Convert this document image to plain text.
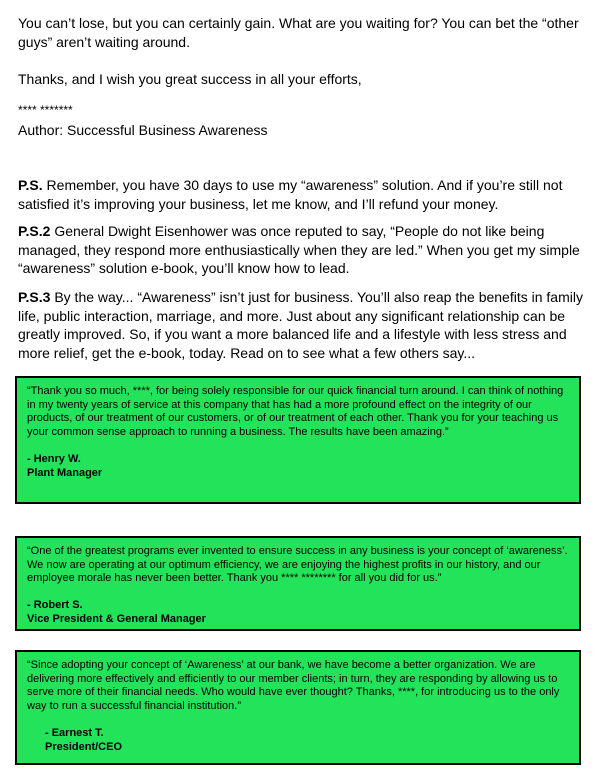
You can’t lose, but you can certainly gain. What are you waiting for? You can bet the “other guys” aren’t waiting around.
Thanks, and I wish you great success in all your efforts,
**** *******
Author: Successful Business Awareness
P.S. Remember, you have 30 days to use my “awareness” solution. And if you’re still not satisfied it’s improving your business, let me know, and I’ll refund your money.
P.S.2 General Dwight Eisenhower was once reputed to say, “People do not like being managed, they respond more enthusiastically when they are led.” When you get my simple “awareness” solution e-book, you’ll know how to lead.
P.S.3 By the way... “Awareness” isn’t just for business. You’ll also reap the benefits in family life, public interaction, marriage, and more. Just about any significant relationship can be greatly improved. So, if you want a more balanced life and a lifestyle with less stress and more relief, get the e-book, today. Read on to see what a few others say...

“Thank you so much, ****, for being solely responsible for our quick financial turn around. I can think of nothing in my twenty years of service at this company that has had a more profound effect on the integrity of our products, of our treatment of our customers, or of our treatment of each other. Thank you for your teaching us your common sense approach to running a business. The results have been amazing.”

- Henry W.
Plant Manager

“One of the greatest programs ever invented to ensure success in any business is your concept of ‘awareness’. We now are operating at our optimum efficiency, we are enjoying the highest profits in our history, and our employee morale has never been better. Thank you **** ******** for all you did for us.”

- Robert S.
Vice President & General Manager

“Since adopting your concept of ‘Awareness’ at our bank, we have become a better organization. We are delivering more effectively and efficiently to our member clients; in turn, they are responding by allowing us to serve more of their financial needs. Who would have ever thought? Thanks, ****, for introducing us to the only way to run a successful financial institution.”

- Earnest T.
President/CEO
